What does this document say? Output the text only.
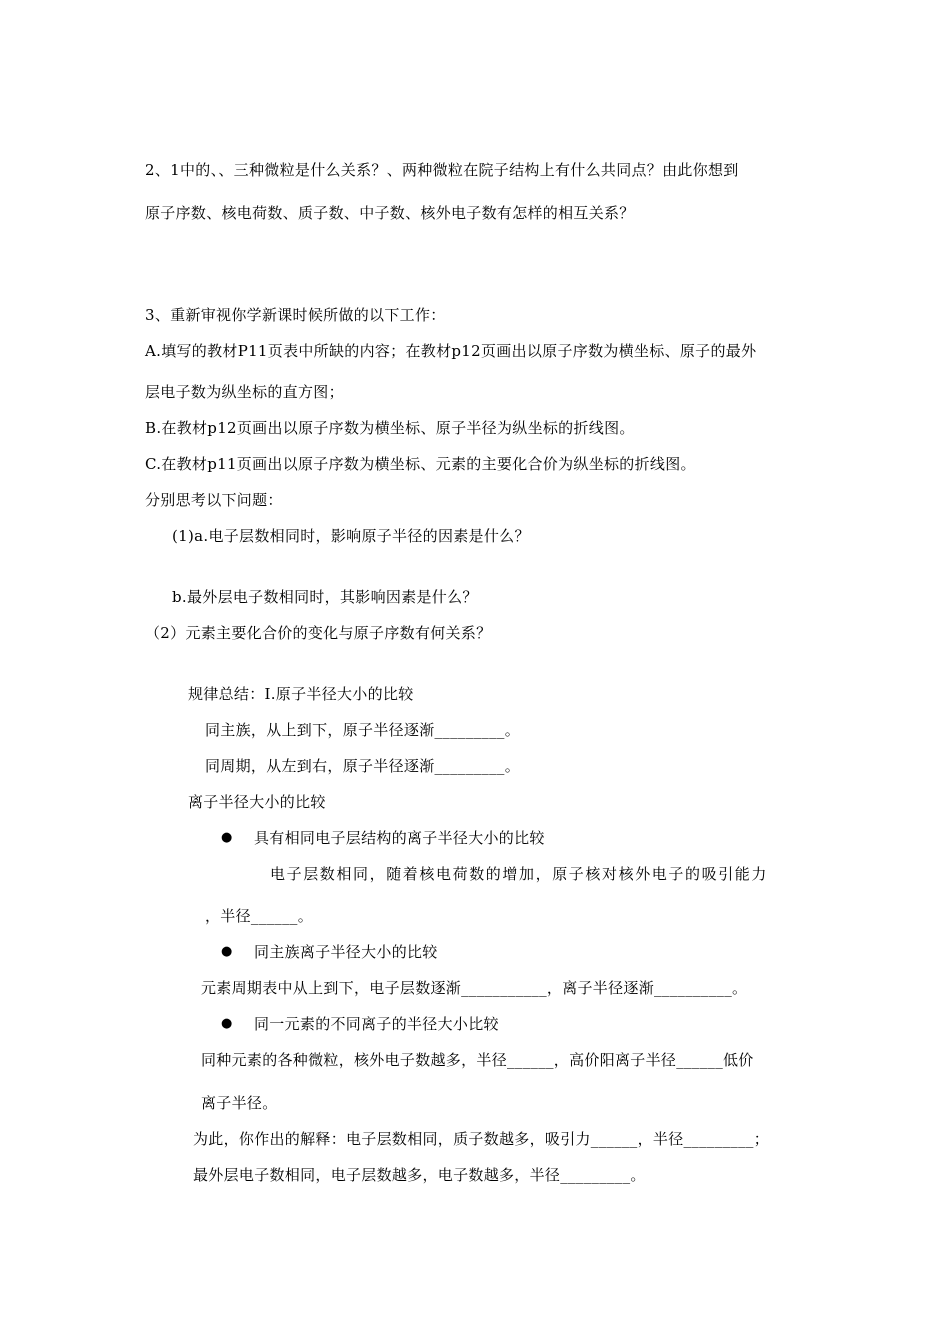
2、1中的、、三种微粒是什么关系？、两种微粒在院子结构上有什么共同点？由此你想到
原子序数、核电荷数、质子数、中子数、核外电子数有怎样的相互关系？
3、重新审视你学新课时候所做的以下工作：
A.填写的教材P11页表中所缺的内容；在教材p12页画出以原子序数为横坐标、原子的最外
层电子数为纵坐标的直方图；
B.在教材p12页画出以原子序数为横坐标、原子半径为纵坐标的折线图。
C.在教材p11页画出以原子序数为横坐标、元素的主要化合价为纵坐标的折线图。
分别思考以下问题：
(1)a.电子层数相同时，影响原子半径的因素是什么？
b.最外层电子数相同时，其影响因素是什么？
（2）元素主要化合价的变化与原子序数有何关系？
规律总结：I.原子半径大小的比较
同主族，从上到下，原子半径逐渐_________。
同周期，从左到右，原子半径逐渐_________。
离子半径大小的比较
● 具有相同电子层结构的离子半径大小的比较
电子层数相同，随着核电荷数的增加，原子核对核外电子的吸引能力
，半径______。
● 同主族离子半径大小的比较
元素周期表中从上到下，电子层数逐渐___________，离子半径逐渐__________。
● 同一元素的不同离子的半径大小比较
同种元素的各种微粒，核外电子数越多，半径______，高价阳离子半径______低价
离子半径。
为此，你作出的解释：电子层数相同，质子数越多，吸引力______，半径_________；
最外层电子数相同，电子层数越多，电子数越多，半径_________。
